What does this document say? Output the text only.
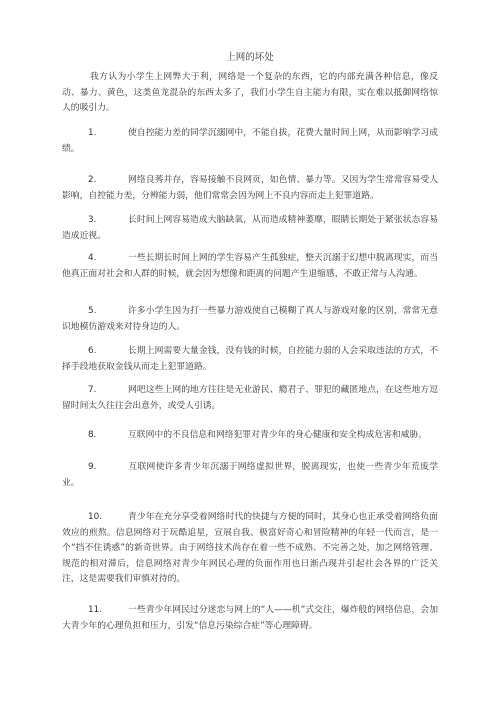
上网的坏处
我方认为小学生上网弊大于利，网络是一个复杂的东西，它的内部充满各种信息，像反动、暴力、黄色，这类鱼龙混杂的东西太多了，我们小学生自主能力有限，实在难以抵御网络惊人的吸引力。
1.	使自控能力差的同学沉溺网中，不能自拔，花费大量时间上网，从而影响学习成绩。
2.	网络良莠并存，容易接触不良网页，如色情、暴力等。又因为学生常常容易受人影响，自控能力差，分辨能力弱，他们常常会因为网上不良内容而走上犯罪道路。
3.	长时间上网容易造成大脑缺氧，从而造成精神萎靡，眼睛长期处于紧张状态容易造成近视。
4.	一些长期长时间上网的学生容易产生孤独症，整天沉溺于幻想中脱离现实，而当他真正面对社会和人群的时候，就会因为想像和距离的问题产生退缩感，不敢正常与人沟通。
5.	许多小学生因为打一些暴力游戏使自己模糊了真人与游戏对象的区别，常常无意识地模仿游戏来对待身边的人。
6.	长期上网需要大量金钱，没有钱的时候，自控能力弱的人会采取违法的方式，不择手段地获取金钱从而走上犯罪道路。
7.	网吧这些上网的地方往往是无业游民、瘾君子、罪犯的藏匿地点，在这些地方逗留时间太久往往会出意外，或受人引诱。
8.	互联网中的不良信息和网络犯罪对青少年的身心健康和安全构成危害和威胁。
9.	互联网使许多青少年沉溺于网络虚拟世界，脱离现实，也使一些青少年荒废学业。
10.	青少年在充分享受着网络时代的快捷与方便的同时，其身心也正承受着网络负面效应的煎熬。信息网络对于玩酷追星，宣展自我、极富好奇心和冒险精神的年轻一代而言，是一个“挡不住诱惑”的新奇世界。由于网络技术尚存在着一些不成熟、不完善之处，加之网络管理、规范的相对滞后，信息网络对青少年网民心理的负面作用也日渐凸现并引起社会各界的广泛关注，这是需要我们审慎对待的。
11.	一些青少年网民过分迷恋与网上的“人——机”式交往，爆炸般的网络信息，会加大青少年的心理负担和压力，引发“信息污染综合症”等心理障碍。
